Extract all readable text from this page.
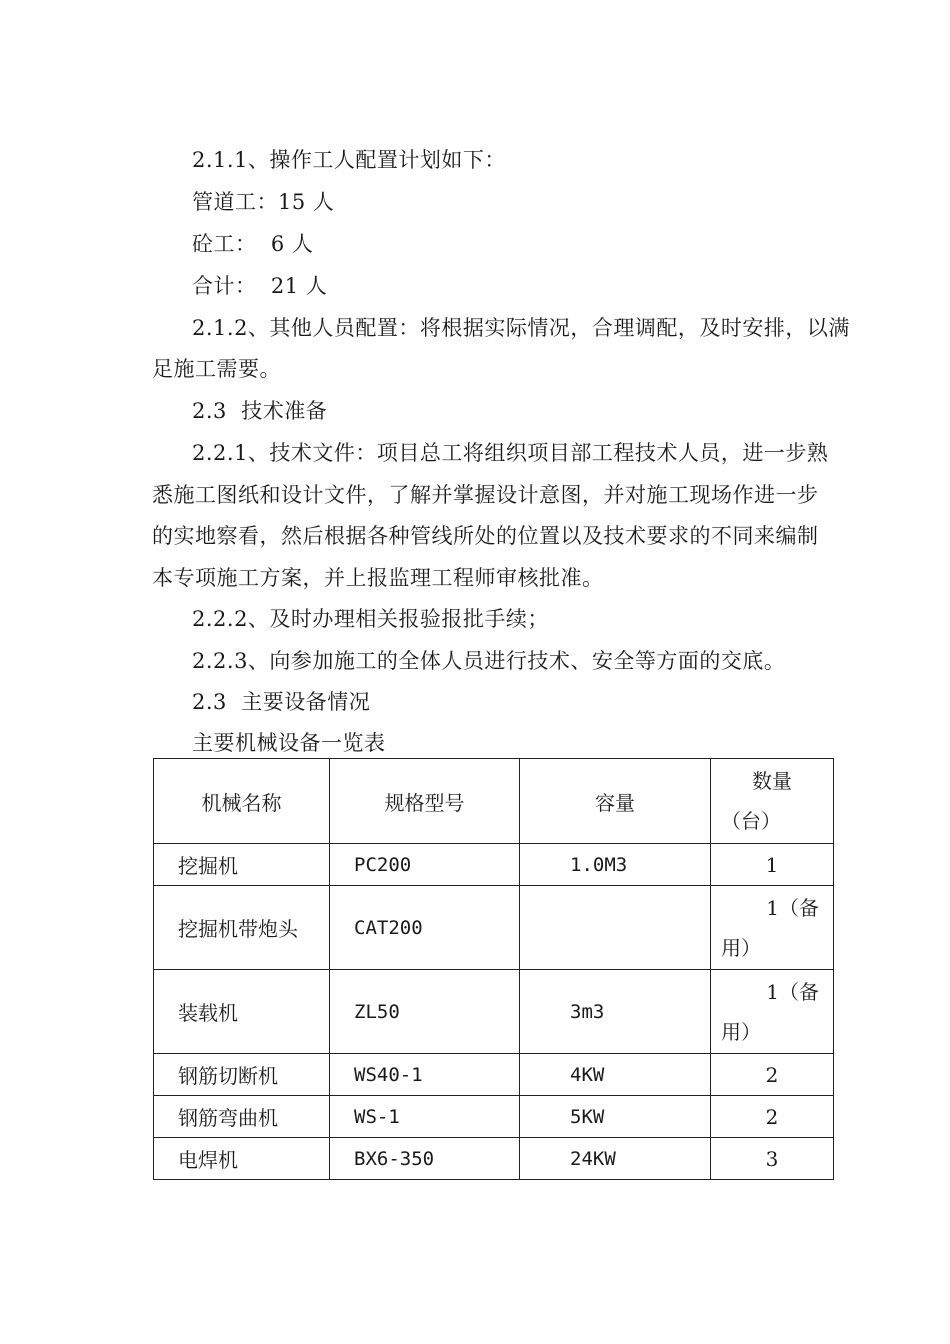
2.1.1、操作工人配置计划如下：
管道工：15 人
砼工：  6 人
合计：  21 人
2.1.2、其他人员配置：将根据实际情况，合理调配，及时安排，以满
足施工需要。
2.3  技术准备
2.2.1、技术文件：项目总工将组织项目部工程技术人员，进一步熟
悉施工图纸和设计文件，了解并掌握设计意图，并对施工现场作进一步
的实地察看，然后根据各种管线所处的位置以及技术要求的不同来编制
本专项施工方案，并上报监理工程师审核批准。
2.2.2、及时办理相关报验报批手续；
2.2.3、向参加施工的全体人员进行技术、安全等方面的交底。
2.3  主要设备情况
主要机械设备一览表
机械名称	规格型号	容量	数量
（台）

挖掘机	PC200	1.0M3	1
挖掘机带炮头	CAT200		1（备
用）

装载机	ZL50	3m3	1（备
用）

钢筋切断机	WS40-1	4KW	2
钢筋弯曲机	WS-1	5KW	2
电焊机	BX6-350	24KW	3
